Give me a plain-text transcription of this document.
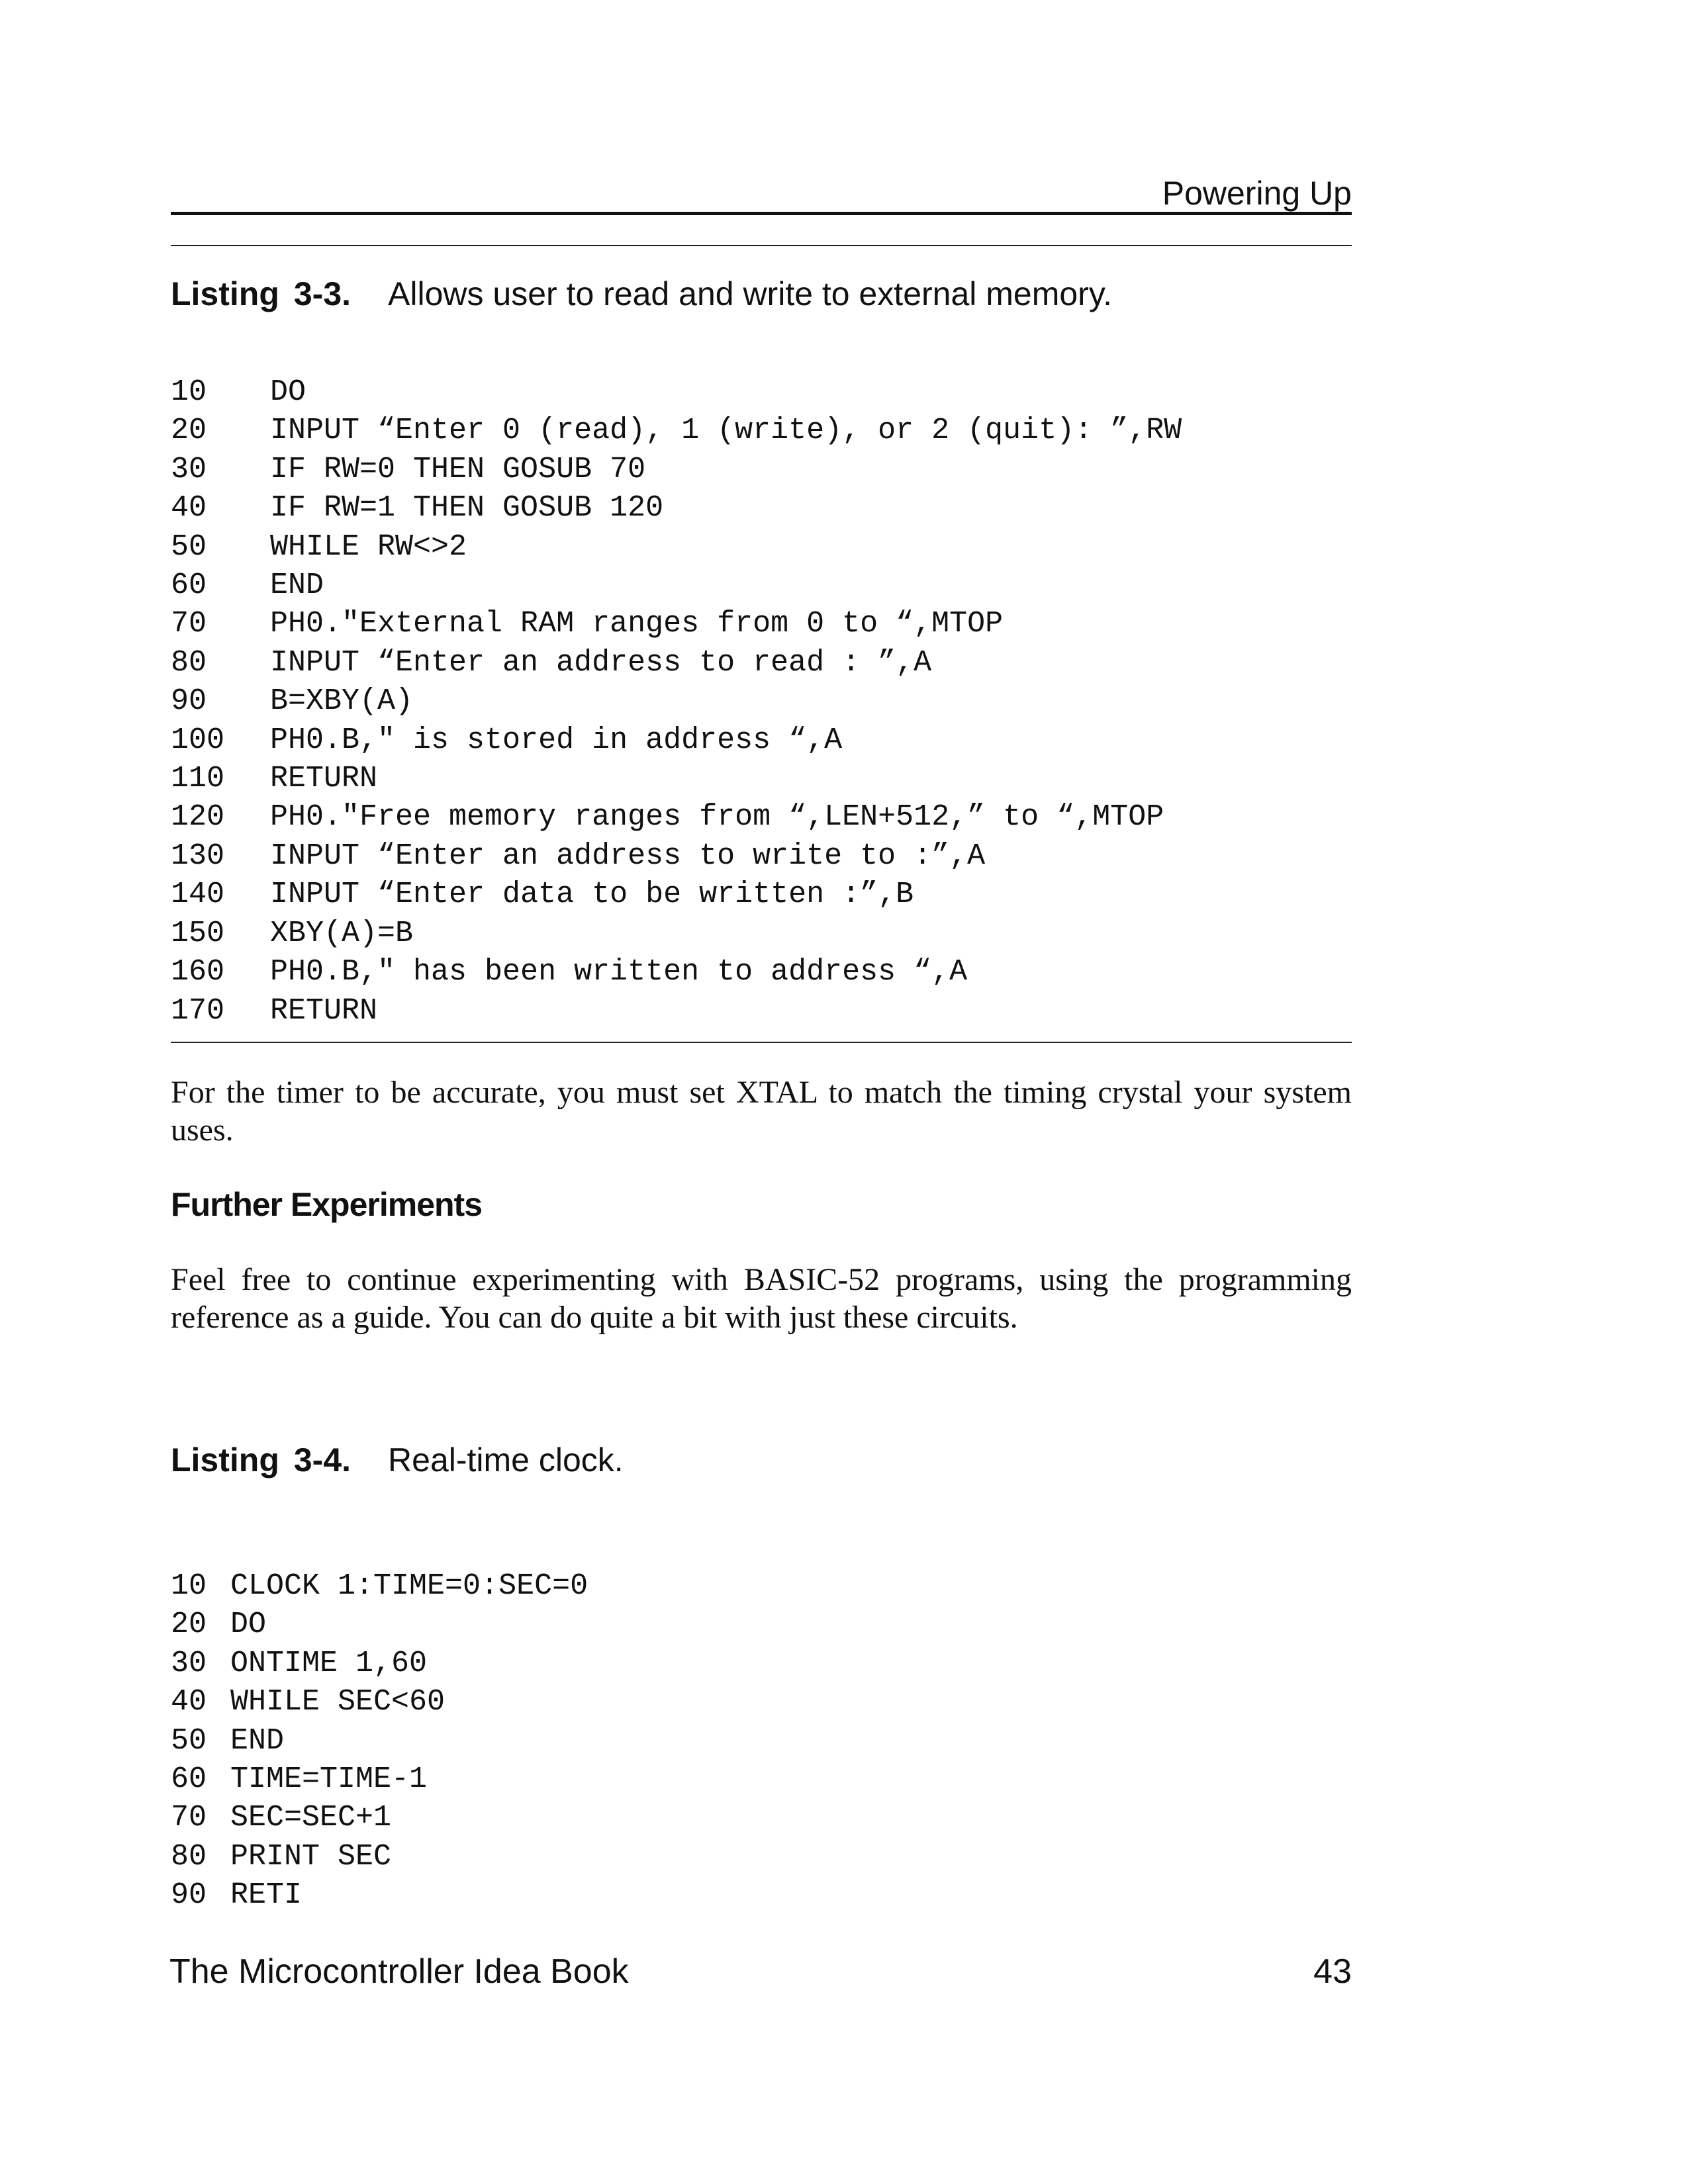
Powering Up
Listing 3-3. Allows user to read and write to external memory.
10 DO
20 INPUT “Enter 0 (read), 1 (write), or 2 (quit): ”,RW
30 IF RW=0 THEN GOSUB 70
40 IF RW=1 THEN GOSUB 120
50 WHILE RW<>2
60 END
70 PH0."External RAM ranges from 0 to “,MTOP
80 INPUT “Enter an address to read : ”,A
90 B=XBY(A)
100 PH0.B," is stored in address “,A
110 RETURN
120 PH0."Free memory ranges from “,LEN+512,” to “,MTOP
130 INPUT “Enter an address to write to :”,A
140 INPUT “Enter data to be written :”,B
150 XBY(A)=B
160 PH0.B," has been written to address “,A
170 RETURN
For the timer to be accurate, you must set XTAL to match the timing crystal your system uses.
Further Experiments
Feel free to continue experimenting with BASIC-52 programs, using the programming reference as a guide. You can do quite a bit with just these circuits.
Listing 3-4. Real-time clock.
10 CLOCK 1:TIME=0:SEC=0
20 DO
30 ONTIME 1,60
40 WHILE SEC<60
50 END
60 TIME=TIME-1
70 SEC=SEC+1
80 PRINT SEC
90 RETI
The Microcontroller Idea Book	43
